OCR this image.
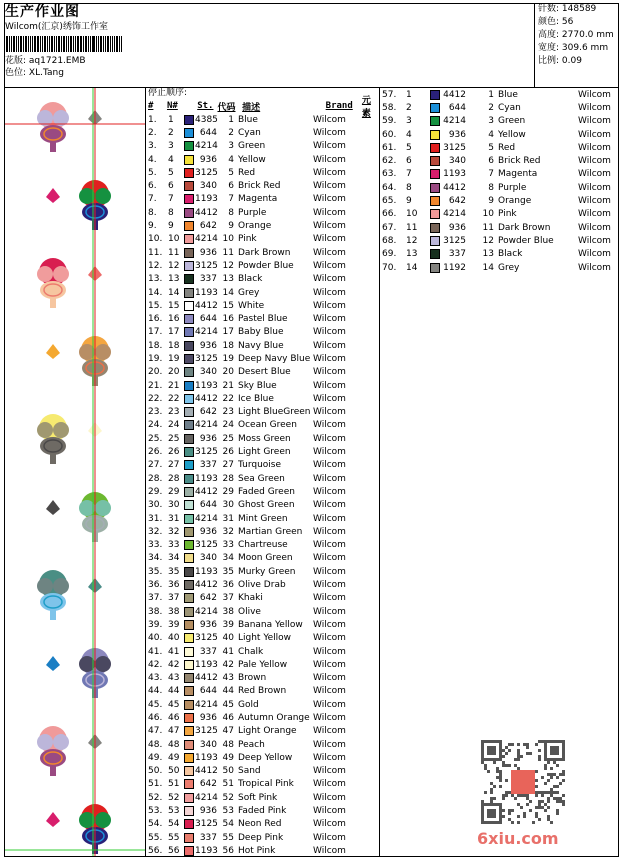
生产作业图
Wilcom(汇京)绣饰工作室
花版: aq1721.EMB
色位: XL.Tang
针数: 148589
颜色: 56
高度: 2770.0 mm
宽度: 309.6 mm
比例: 0.09
停止顺序:
#	N#	St. 代码 描述	Brand	元素
1.	1	4385	1 Blue	Wilcom
2.	2	644	2 Cyan	Wilcom
3.	3	4214	3 Green	Wilcom
4.	4	936	4 Yellow	Wilcom
5.	5	3125	5 Red	Wilcom
6.	6	340	6 Brick Red	Wilcom
7.	7	1193	7 Magenta	Wilcom
8.	8	4412	8 Purple	Wilcom
9.	9	642	9 Orange	Wilcom
10. 10	4214 10 Pink	Wilcom
11. 11	936 11 Dark Brown	Wilcom
12. 12	3125 12 Powder Blue	Wilcom
13. 13	337 13 Black	Wilcom
14. 14	1193 14 Grey	Wilcom
15. 15	4412 15 White	Wilcom
16. 16	644 16 Pastel Blue	Wilcom
17. 17	4214 17 Baby Blue	Wilcom
18. 18	936 18 Navy Blue	Wilcom
19. 19	3125 19 Deep Navy Blue Wilcom
20. 20	340 20 Desert Blue	Wilcom
21. 21	1193 21 Sky Blue	Wilcom
22. 22	4412 22 Ice Blue	Wilcom
23. 23	642 23 Light BlueGreen Wilcom
24. 24	4214 24 Ocean Green	Wilcom
25. 25	936 25 Moss Green	Wilcom
26. 26	3125 26 Light Green	Wilcom
27. 27	337 27 Turquoise	Wilcom
28. 28	1193 28 Sea Green	Wilcom
29. 29	4412 29 Faded Green	Wilcom
30. 30	644 30 Ghost Green	Wilcom
31. 31	4214 31 Mint Green	Wilcom
32. 32	936 32 Martian Green	Wilcom
33. 33	3125 33 Chartreuse	Wilcom
34. 34	340 34 Moon Green	Wilcom
35. 35	1193 35 Murky Green	Wilcom
36. 36	4412 36 Olive Drab	Wilcom
37. 37	642 37 Khaki	Wilcom
38. 38	4214 38 Olive	Wilcom
39. 39	936 39 Banana Yellow	Wilcom
40. 40	3125 40 Light Yellow	Wilcom
41. 41	337 41 Chalk	Wilcom
42. 42	1193 42 Pale Yellow	Wilcom
43. 43	4412 43 Brown	Wilcom
44. 44	644 44 Red Brown	Wilcom
45. 45	4214 45 Gold	Wilcom
46. 46	936 46 Autumn Orange Wilcom
47. 47	3125 47 Light Orange	Wilcom
48. 48	340 48 Peach	Wilcom
49. 49	1193 49 Deep Yellow	Wilcom
50. 50	4412 50 Sand	Wilcom
51. 51	642 51 Tropical Pink	Wilcom
52. 52	4214 52 Soft Pink	Wilcom
53. 53	936 53 Faded Pink	Wilcom
54. 54	3125 54 Neon Red	Wilcom
55. 55	337 55 Deep Pink	Wilcom
56. 56	1193 56 Hot Pink	Wilcom
57.	1	4412	1 Blue	Wilcom
58.	2	644	2 Cyan	Wilcom
59.	3	4214	3 Green	Wilcom
60.	4	936	4 Yellow	Wilcom
61.	5	3125	5 Red	Wilcom
62.	6	340	6 Brick Red	Wilcom
63.	7	1193	7 Magenta	Wilcom
64.	8	4412	8 Purple	Wilcom
65.	9	642	9 Orange	Wilcom
66.	10	4214	10 Pink	Wilcom
67.	11	936	11 Dark Brown	Wilcom
68.	12	3125	12 Powder Blue	Wilcom
69.	13	337	13 Black	Wilcom
70.	14	1192	14 Grey	Wilcom
6xiu.com
